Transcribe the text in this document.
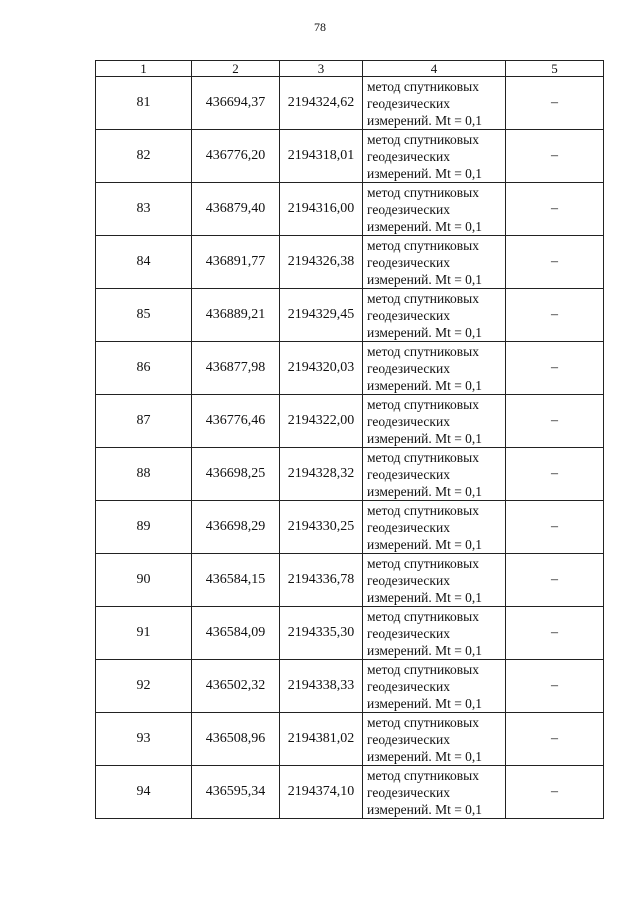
78
1	2	3	4	5
81	436694,37	2194324,62	метод спутниковых
геодезических
измерений. Mt = 0,1	–
82	436776,20	2194318,01	метод спутниковых
геодезических
измерений. Mt = 0,1	–
83	436879,40	2194316,00	метод спутниковых
геодезических
измерений. Mt = 0,1	–
84	436891,77	2194326,38	метод спутниковых
геодезических
измерений. Mt = 0,1	–
85	436889,21	2194329,45	метод спутниковых
геодезических
измерений. Mt = 0,1	–
86	436877,98	2194320,03	метод спутниковых
геодезических
измерений. Mt = 0,1	–
87	436776,46	2194322,00	метод спутниковых
геодезических
измерений. Mt = 0,1	–
88	436698,25	2194328,32	метод спутниковых
геодезических
измерений. Mt = 0,1	–
89	436698,29	2194330,25	метод спутниковых
геодезических
измерений. Mt = 0,1	–
90	436584,15	2194336,78	метод спутниковых
геодезических
измерений. Mt = 0,1	–
91	436584,09	2194335,30	метод спутниковых
геодезических
измерений. Mt = 0,1	–
92	436502,32	2194338,33	метод спутниковых
геодезических
измерений. Mt = 0,1	–
93	436508,96	2194381,02	метод спутниковых
геодезических
измерений. Mt = 0,1	–
94	436595,34	2194374,10	метод спутниковых
геодезических
измерений. Mt = 0,1	–
